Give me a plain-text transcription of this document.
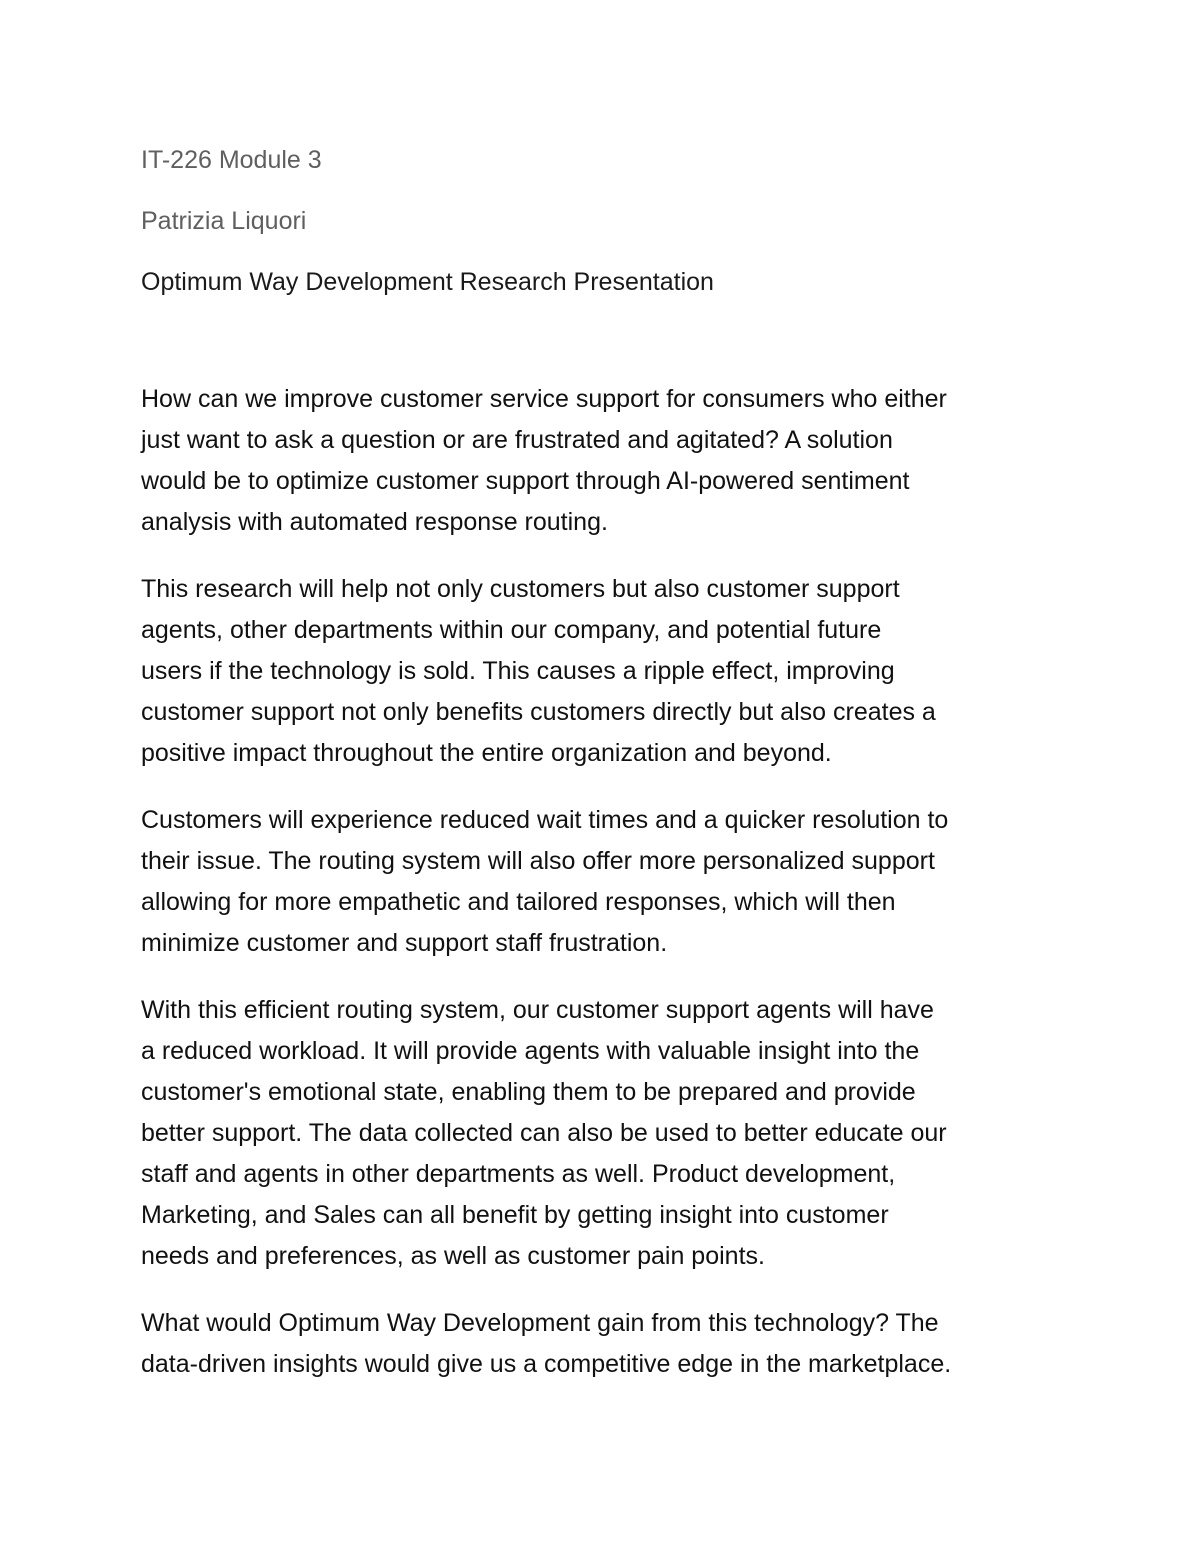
IT-226 Module 3
Patrizia Liquori
Optimum Way Development Research Presentation

How can we improve customer service support for consumers who either
just want to ask a question or are frustrated and agitated? A solution
would be to optimize customer support through AI-powered sentiment
analysis with automated response routing.

This research will help not only customers but also customer support
agents, other departments within our company, and potential future
users if the technology is sold. This causes a ripple effect, improving
customer support not only benefits customers directly but also creates a
positive impact throughout the entire organization and beyond.

Customers will experience reduced wait times and a quicker resolution to
their issue. The routing system will also offer more personalized support
allowing for more empathetic and tailored responses, which will then
minimize customer and support staff frustration.

With this efficient routing system, our customer support agents will have
a reduced workload. It will provide agents with valuable insight into the
customer's emotional state, enabling them to be prepared and provide
better support. The data collected can also be used to better educate our
staff and agents in other departments as well. Product development,
Marketing, and Sales can all benefit by getting insight into customer
needs and preferences, as well as customer pain points.

What would Optimum Way Development gain from this technology? The
data-driven insights would give us a competitive edge in the marketplace.
